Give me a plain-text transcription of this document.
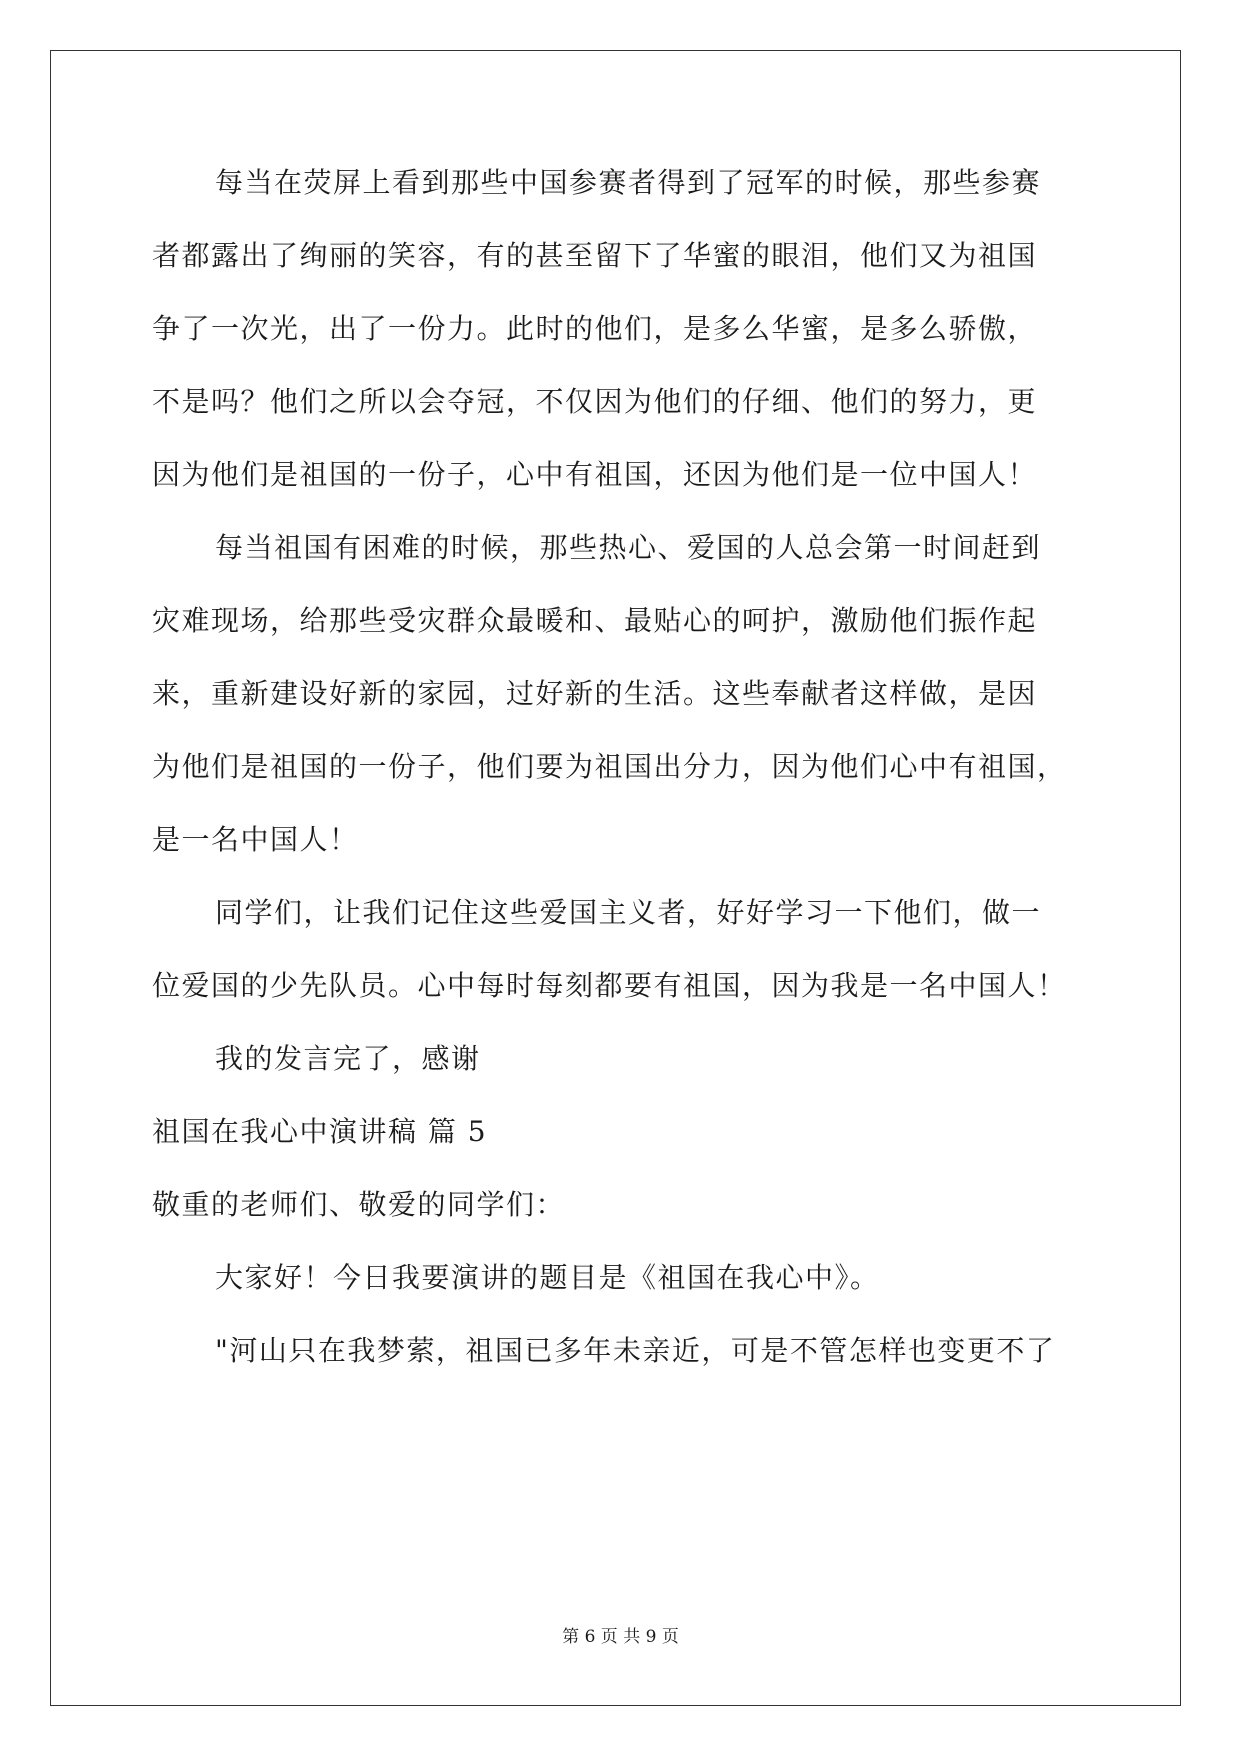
每当在荧屏上看到那些中国参赛者得到了冠军的时候，那些参赛
者都露出了绚丽的笑容，有的甚至留下了华蜜的眼泪，他们又为祖国
争了一次光，出了一份力。此时的他们，是多么华蜜，是多么骄傲，
不是吗？他们之所以会夺冠，不仅因为他们的仔细、他们的努力，更
因为他们是祖国的一份子，心中有祖国，还因为他们是一位中国人！
每当祖国有困难的时候，那些热心、爱国的人总会第一时间赶到
灾难现场，给那些受灾群众最暖和、最贴心的呵护，激励他们振作起
来，重新建设好新的家园，过好新的生活。这些奉献者这样做，是因
为他们是祖国的一份子，他们要为祖国出分力，因为他们心中有祖国，
是一名中国人！
同学们，让我们记住这些爱国主义者，好好学习一下他们，做一
位爱国的少先队员。心中每时每刻都要有祖国，因为我是一名中国人！
我的发言完了，感谢
祖国在我心中演讲稿 篇 5
敬重的老师们、敬爱的同学们：
大家好！今日我要演讲的题目是《祖国在我心中》。
"河山只在我梦萦，祖国已多年未亲近，可是不管怎样也变更不了
第 6 页 共 9 页
